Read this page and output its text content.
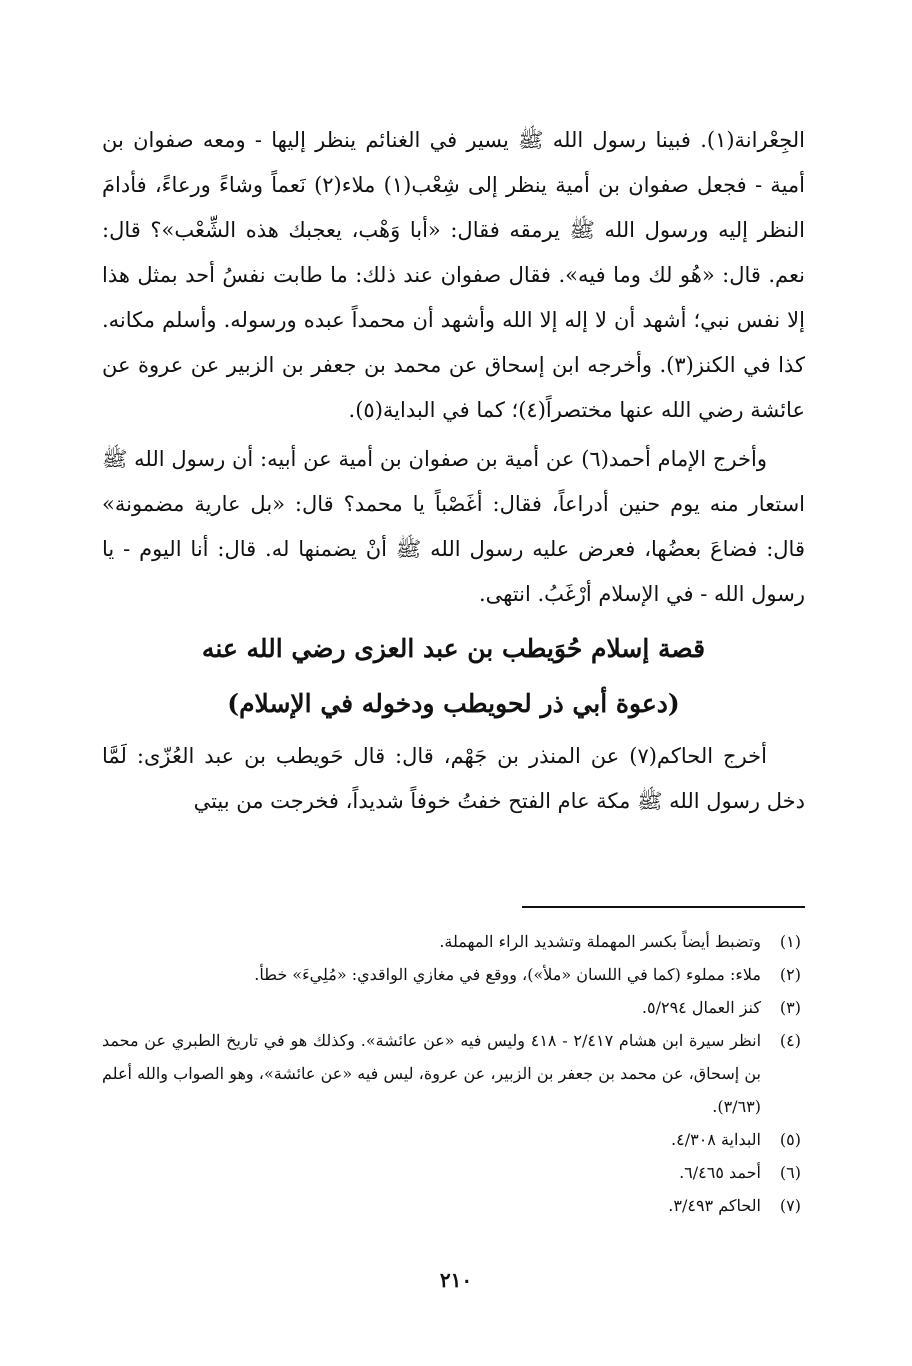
الجِعْرانة(١). فبينا رسول الله ﷺ يسير في الغنائم ينظر إليها - ومعه صفوان بن أمية - فجعل صفوان بن أمية ينظر إلى شِعْب(١) ملاء(٢) نَعماً وشاءً ورعاءً، فأدامَ النظر إليه ورسول الله ﷺ يرمقه فقال: «أبا وَهْب، يعجبك هذه الشِّعْب»؟ قال: نعم. قال: «هُو لك وما فيه». فقال صفوان عند ذلك: ما طابت نفسُ أحد بمثل هذا إلا نفس نبي؛ أشهد أن لا إله إلا الله وأشهد أن محمداً عبده ورسوله. وأسلم مكانه. كذا في الكنز(٣). وأخرجه ابن إسحاق عن محمد بن جعفر بن الزبير عن عروة عن عائشة رضي الله عنها مختصراً(٤)؛ كما في البداية(٥).

وأخرج الإمام أحمد(٦) عن أمية بن صفوان بن أمية عن أبيه: أن رسول الله ﷺ استعار منه يوم حنين أدراعاً، فقال: أغَصْباً يا محمد؟ قال: «بل عارية مضمونة» قال: فضاعَ بعضُها، فعرض عليه رسول الله ﷺ أنْ يضمنها له. قال: أنا اليوم - يا رسول الله - في الإسلام أرْغَبُ. انتهى.

قصة إسلام حُوَيطب بن عبد العزى رضي الله عنه

(دعوة أبي ذر لحويطب ودخوله في الإسلام)

أخرج الحاكم(٧) عن المنذر بن جَهْم، قال: قال حَويطب بن عبد العُزّى: لَمَّا دخل رسول الله ﷺ مكة عام الفتح خفتُ خوفاً شديداً، فخرجت من بيتي

(١)
وتضبط أيضاً بكسر المهملة وتشديد الراء المهملة.
(٢)
ملاء: مملوء (كما في اللسان «ملأ»)، ووقع في مغازي الواقدي: «مُلِيءَ» خطأ.
(٣)
كنز العمال ٥/٢٩٤.
(٤)
انظر سيرة ابن هشام ٢/٤١٧ - ٤١٨ وليس فيه «عن عائشة». وكذلك هو في تاريخ الطبري عن محمد بن إسحاق، عن محمد بن جعفر بن الزبير، عن عروة، ليس فيه «عن عائشة»، وهو الصواب والله أعلم (٣/٦٣).
(٥)
البداية ٤/٣٠٨.
(٦)
أحمد ٦/٤٦٥.
(٧)
الحاكم ٣/٤٩٣.
٢١٠
